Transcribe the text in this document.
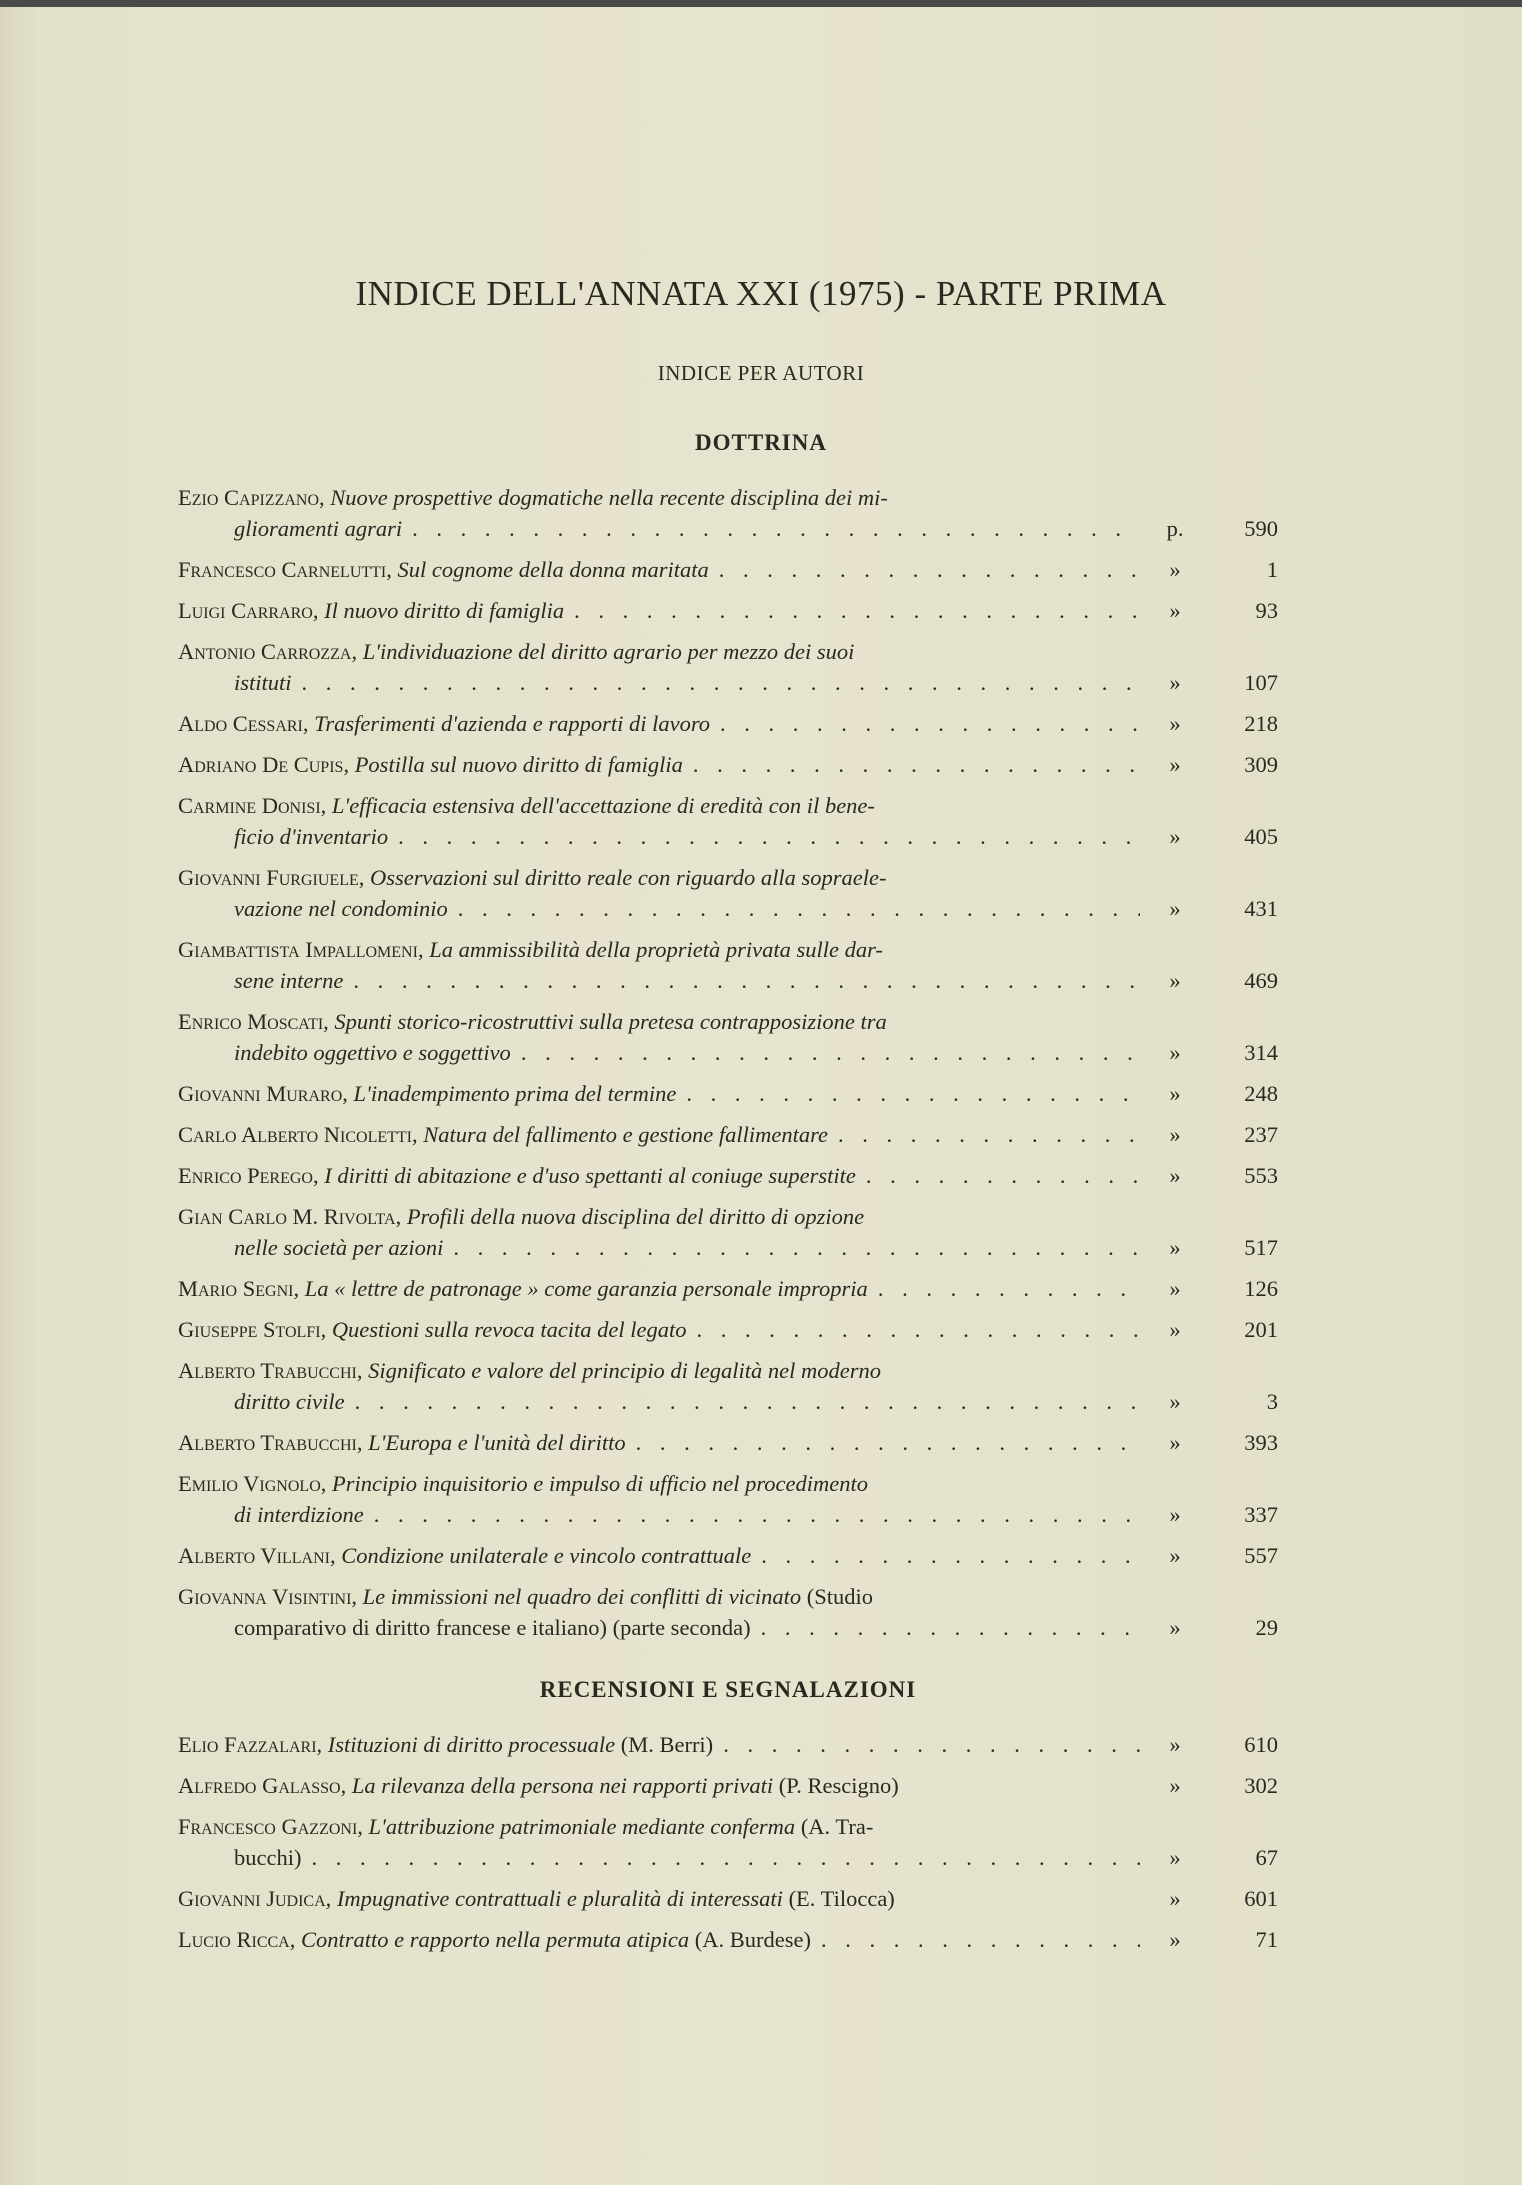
INDICE DELL'ANNATA XXI (1975) - PARTE PRIMA
INDICE PER AUTORI
DOTTRINA
Ezio Capizzano, Nuove prospettive dogmatiche nella recente disciplina dei mi-
glioramenti agrari . . .	p.	590
Francesco Carnelutti, Sul cognome della donna maritata . . .	»	1
Luigi Carraro, Il nuovo diritto di famiglia . . .	»	93
Antonio Carrozza, L'individuazione del diritto agrario per mezzo dei suoi
istituti . . .	»	107
Aldo Cessari, Trasferimenti d'azienda e rapporti di lavoro . . .	»	218
Adriano De Cupis, Postilla sul nuovo diritto di famiglia . . .	»	309
Carmine Donisi, L'efficacia estensiva dell'accettazione di eredità con il bene-
ficio d'inventario . . .	»	405
Giovanni Furgiuele, Osservazioni sul diritto reale con riguardo alla sopraele-
vazione nel condominio . . .	»	431
Giambattista Impallomeni, La ammissibilità della proprietà privata sulle dar-
sene interne . . .	»	469
Enrico Moscati, Spunti storico-ricostruttivi sulla pretesa contrapposizione tra
indebito oggettivo e soggettivo . . .	»	314
Giovanni Muraro, L'inadempimento prima del termine . . .	»	248
Carlo Alberto Nicoletti, Natura del fallimento e gestione fallimentare . . .	»	237
Enrico Perego, I diritti di abitazione e d'uso spettanti al coniuge superstite . . .	»	553
Gian Carlo M. Rivolta, Profili della nuova disciplina del diritto di opzione
nelle società per azioni . . .	»	517
Mario Segni, La « lettre de patronage » come garanzia personale impropria . . .	»	126
Giuseppe Stolfi, Questioni sulla revoca tacita del legato . . .	»	201
Alberto Trabucchi, Significato e valore del principio di legalità nel moderno
diritto civile . . .	»	3
Alberto Trabucchi, L'Europa e l'unità del diritto . . .	»	393
Emilio Vignolo, Principio inquisitorio e impulso di ufficio nel procedimento
di interdizione . . .	»	337
Alberto Villani, Condizione unilaterale e vincolo contrattuale . . .	»	557
Giovanna Visintini, Le immissioni nel quadro dei conflitti di vicinato (Studio
comparativo di diritto francese e italiano) (parte seconda) . . .	»	29
RECENSIONI E SEGNALAZIONI
Elio Fazzalari, Istituzioni di diritto processuale (M. Berri) . . .	»	610
Alfredo Galasso, La rilevanza della persona nei rapporti privati (P. Rescigno)	»	302
Francesco Gazzoni, L'attribuzione patrimoniale mediante conferma (A. Tra-
bucchi) . . .	»	67
Giovanni Judica, Impugnative contrattuali e pluralità di interessati (E. Tilocca)	»	601
Lucio Ricca, Contratto e rapporto nella permuta atipica (A. Burdese) . . .	»	71
